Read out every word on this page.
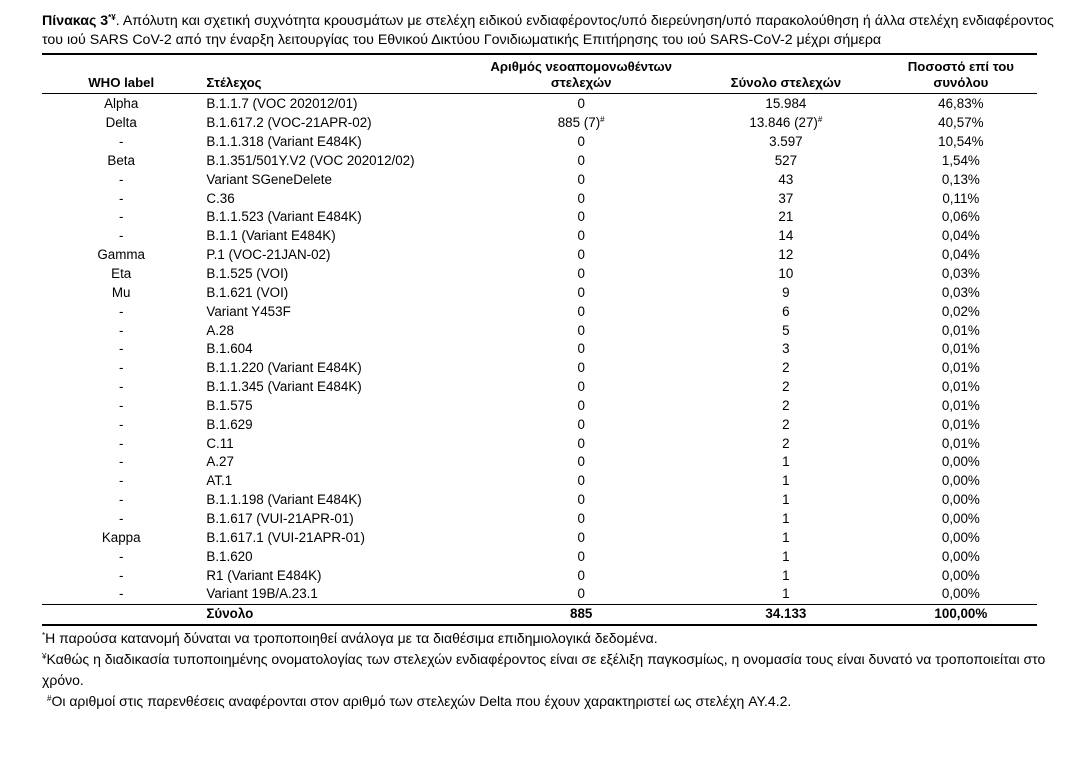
Πίνακας 3*¥. Απόλυτη και σχετική συχνότητα κρουσμάτων με στελέχη ειδικού ενδιαφέροντος/υπό διερεύνηση/υπό παρακολούθηση ή άλλα στελέχη ενδιαφέροντος του ιού SARS CoV-2 από την έναρξη λειτουργίας του Εθνικού Δικτύου Γονιδιωματικής Επιτήρησης του ιού SARS-CoV-2 μέχρι σήμερα

WHO label	Στέλεχος	Αριθμός νεοαπομονωθέντων στελεχών	Σύνολο στελεχών	Ποσοστό επί του συνόλου
Alpha	B.1.1.7 (VOC 202012/01)	0	15.984	46,83%
Delta	B.1.617.2 (VOC-21APR-02)	885 (7)#	13.846 (27)#	40,57%
-	B.1.1.318 (Variant E484K)	0	3.597	10,54%
Beta	B.1.351/501Y.V2 (VOC 202012/02)	0	527	1,54%
-	Variant SGeneDelete	0	43	0,13%
-	C.36	0	37	0,11%
-	B.1.1.523 (Variant E484K)	0	21	0,06%
-	B.1.1 (Variant E484K)	0	14	0,04%
Gamma	P.1 (VOC-21JAN-02)	0	12	0,04%
Eta	B.1.525 (VOI)	0	10	0,03%
Mu	B.1.621 (VOI)	0	9	0,03%
-	Variant Y453F	0	6	0,02%
-	A.28	0	5	0,01%
-	B.1.604	0	3	0,01%
-	B.1.1.220 (Variant E484K)	0	2	0,01%
-	B.1.1.345 (Variant E484K)	0	2	0,01%
-	B.1.575	0	2	0,01%
-	B.1.629	0	2	0,01%
-	C.11	0	2	0,01%
-	A.27	0	1	0,00%
-	AT.1	0	1	0,00%
-	B.1.1.198 (Variant E484K)	0	1	0,00%
-	B.1.617 (VUI-21APR-01)	0	1	0,00%
Kappa	B.1.617.1 (VUI-21APR-01)	0	1	0,00%
-	B.1.620	0	1	0,00%
-	R1 (Variant E484K)	0	1	0,00%
-	Variant 19B/A.23.1	0	1	0,00%
	Σύνολο	885	34.133	100,00%

*Η παρούσα κατανομή δύναται να τροποποιηθεί ανάλογα με τα διαθέσιμα επιδημιολογικά δεδομένα.

¥Καθώς η διαδικασία τυποποιημένης ονοματολογίας των στελεχών ενδιαφέροντος είναι σε εξέλιξη παγκοσμίως, η ονομασία τους είναι δυνατό να τροποποιείται στο χρόνο.

#Οι αριθμοί στις παρενθέσεις αναφέρονται στον αριθμό των στελεχών Delta που έχουν χαρακτηριστεί ως στελέχη AY.4.2.
